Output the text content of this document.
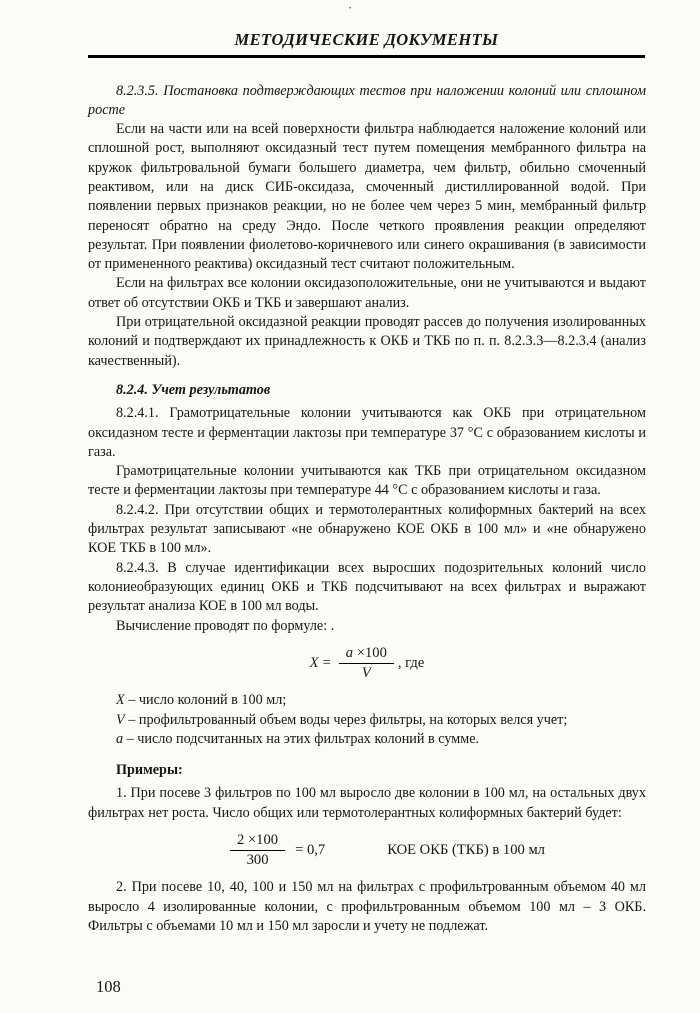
·
МЕТОДИЧЕСКИЕ ДОКУМЕНТЫ

8.2.3.5. Постановка подтверждающих тестов при наложении колоний или сплошном росте

Если на части или на всей поверхности фильтра наблюдается наложение колоний или сплошной рост, выполняют оксидазный тест путем помещения мембранного фильтра на кружок фильтровальной бумаги большего диаметра, чем фильтр, обильно смоченный реактивом, или на диск СИБ-оксидаза, смоченный дистиллированной водой. При появлении первых признаков реакции, но не более чем через 5 мин, мембранный фильтр переносят обратно на среду Эндо. После четкого проявления реакции определяют результат. При появлении фиолетово-коричневого или синего окрашивания (в зависимости от примененного реактива) оксидазный тест считают положительным.

Если на фильтрах все колонии оксидазоположительные, они не учитываются и выдают ответ об отсутствии ОКБ и ТКБ и завершают анализ.

При отрицательной оксидазной реакции проводят рассев до получения изолированных колоний и подтверждают их принадлежность к ОКБ и ТКБ по п. п. 8.2.3.3—8.2.3.4 (анализ качественный).

8.2.4. Учет результатов

8.2.4.1. Грамотрицательные колонии учитываются как ОКБ при отрицательном оксидазном тесте и ферментации лактозы при температуре 37 °С с образованием кислоты и газа.

Грамотрицательные колонии учитываются как ТКБ при отрицательном оксидазном тесте и ферментации лактозы при температуре 44 °С с образованием кислоты и газа.

8.2.4.2. При отсутствии общих и термотолерантных колиформных бактерий на всех фильтрах результат записывают «не обнаружено КОЕ ОКБ в 100 мл» и «не обнаружено КОЕ ТКБ в 100 мл».

8.2.4.3. В случае идентификации всех выросших подозрительных колоний число колониеобразующих единиц ОКБ и ТКБ подсчитывают на всех фильтрах и выражают результат анализа КОЕ в 100 мл воды.

Вычисление проводят по формуле: .

$X = \frac{a \times 100}{V}$ , где
X – число колоний в 100 мл;
V – профильтрованный объем воды через фильтры, на которых велся учет;
a – число подсчитанных на этих фильтрах колоний в сумме.

Примеры:

1. При посеве 3 фильтров по 100 мл выросло две колонии в 100 мл, на остальных двух фильтрах нет роста. Число общих или термотолерантных колиформных бактерий будет:

$\frac{2 \times 100}{300} = 0,7$	КОЕ ОКБ (ТКБ) в 100 мл

2. При посеве 10, 40, 100 и 150 мл на фильтрах с профильтрованным объемом 40 мл выросло 4 изолированные колонии, с профильтрованным объемом 100 мл – 3 ОКБ. Фильтры с объемами 10 мл и 150 мл заросли и учету не подлежат.

108
